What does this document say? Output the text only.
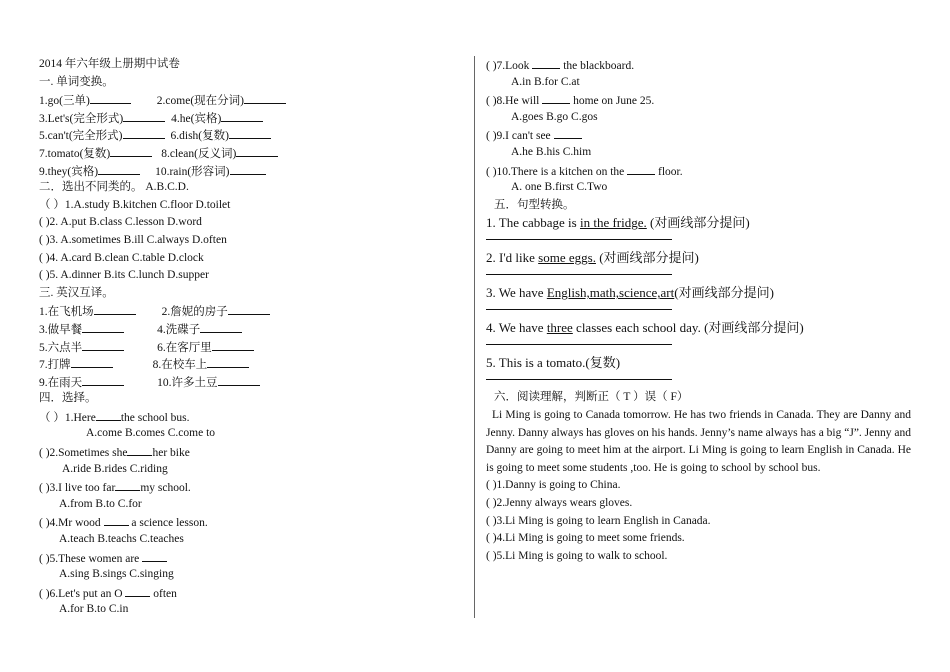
2014 年六年级上册期中试卷
一. 单词变换。
1.go(三单)	2.come(现在分词)
3.Let's(完全形式)	4.he(宾格)
5.can't(完全形式)	6.dish(复数)
7.tomato(复数)	8.clean(反义词)
9.they(宾格)	10.rain(形容词)
二．选出不同类的。 A.B.C.D.
（ ）1.A.study B.kitchen C.floor D.toilet
( )2. A.put B.class C.lesson D.word
( )3. A.sometimes B.ill C.always D.often
( )4. A.card B.clean C.table D.clock
( )5. A.dinner B.its C.lunch D.supper
三. 英汉互译。
1.在飞机场	2.詹妮的房子
3.做早餐	4.洗碟子
5.六点半	6.在客厅里
7.打牌	8.在校车上
9.在雨天	10.许多土豆
四．选择。
（ ）1.Here the school bus.
A.come B.comes C.come to
( )2.Sometimes she her bike
A.ride B.rides C.riding
( )3.I live too far my school.
A.from B.to C.for
( )4.Mr wood	a science lesson.
A.teach B.teachs C.teaches
( )5.These women are
A.sing B.sings C.singing
( )6.Let's put an O	often
A.for B.to C.in
( )7.Look	the blackboard.
A.in B.for C.at
( )8.He will	home on June 25.
A.goes B.go C.gos
( )9.I can't see
A.he B.his C.him
( )10.There is a kitchen on the	floor.
A. one B.first C.Two
五．句型转换。
1. The cabbage is in the fridge. (对画线部分提问)
2. I'd like some eggs. (对画线部分提问)
3. We have English,math,science,art(对画线部分提问)
4. We have three classes each school day. (对画线部分提问)
5. This is a tomato.(复数)
六．阅读理解，判断正（ T ）误（ F）
Li Ming is going to Canada tomorrow. He has two friends in Canada. They are Danny and Jenny. Danny always has gloves on his hands. Jenny’s name always has a big “J”. Jenny and Danny are going to meet him at the airport. Li Ming is going to learn English in Canada. He is going to meet some students ,too. He is going to school by school bus.
( )1.Danny is going to China.
( )2.Jenny always wears gloves.
( )3.Li Ming is going to learn English in Canada.
( )4.Li Ming is going to meet some friends.
( )5.Li Ming is going to walk to school.
